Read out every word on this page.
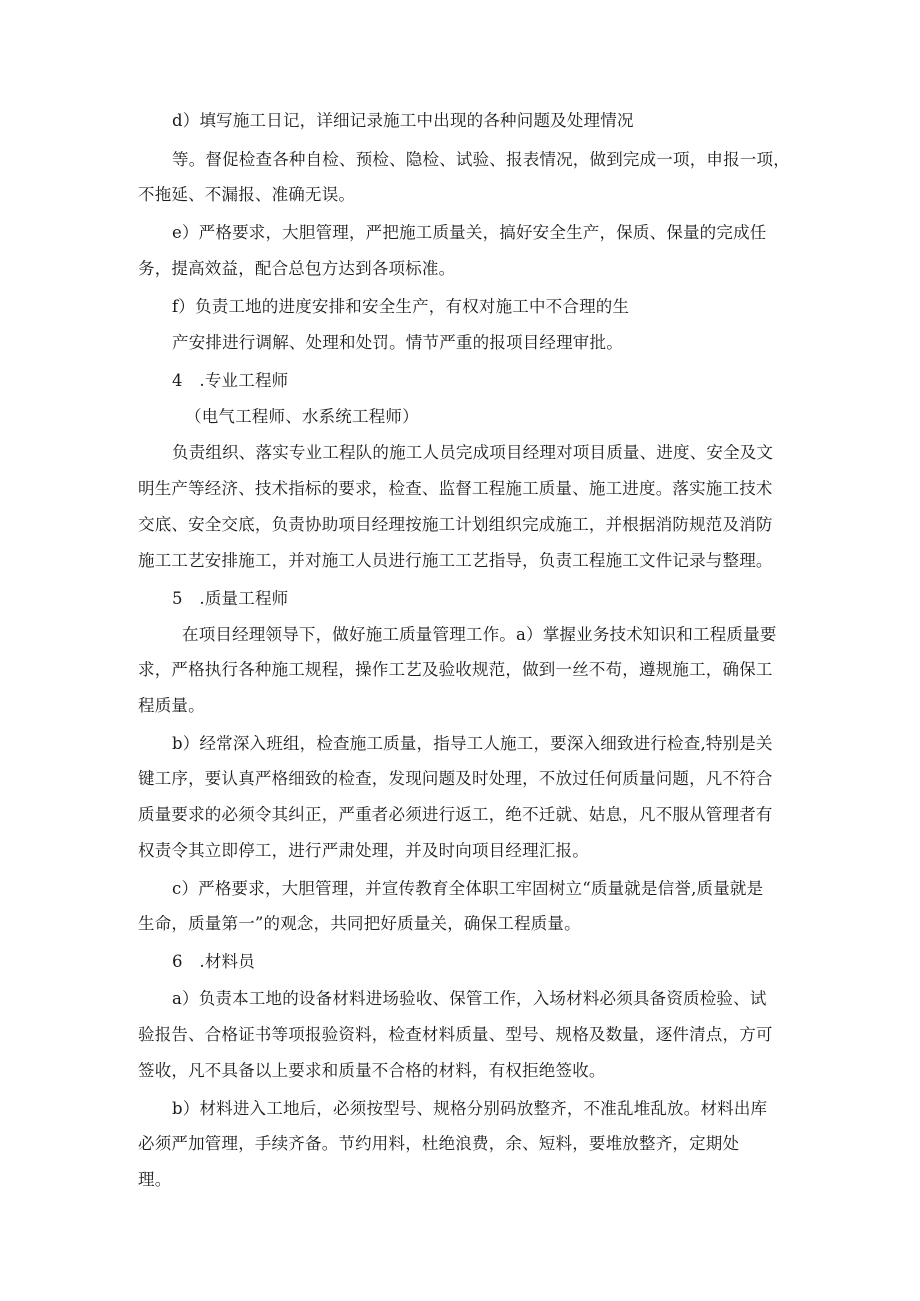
d）填写施工日记，详细记录施工中出现的各种问题及处理情况
等。督促检查各种自检、预检、隐检、试验、报表情况，做到完成一项，申报一项，
不拖延、不漏报、准确无误。
e）严格要求，大胆管理，严把施工质量关，搞好安全生产，保质、保量的完成任
务，提高效益，配合总包方达到各项标准。
f）负责工地的进度安排和安全生产，有权对施工中不合理的生
产安排进行调解、处理和处罚。情节严重的报项目经理审批。
4　.专业工程师
（电气工程师、水系统工程师）
负责组织、落实专业工程队的施工人员完成项目经理对项目质量、进度、安全及文
明生产等经济、技术指标的要求，检查、监督工程施工质量、施工进度。落实施工技术
交底、安全交底，负责协助项目经理按施工计划组织完成施工，并根据消防规范及消防
施工工艺安排施工，并对施工人员进行施工工艺指导，负责工程施工文件记录与整理。
5　.质量工程师
在项目经理领导下，做好施工质量管理工作。a）掌握业务技术知识和工程质量要
求，严格执行各种施工规程，操作工艺及验收规范，做到一丝不苟，遵规施工，确保工
程质量。
b）经常深入班组，检查施工质量，指导工人施工，要深入细致进行检查,特别是关
键工序，要认真严格细致的检查，发现问题及时处理，不放过任何质量问题，凡不符合
质量要求的必须令其纠正，严重者必须进行返工，绝不迁就、姑息，凡不服从管理者有
权责令其立即停工，进行严肃处理，并及时向项目经理汇报。
c）严格要求，大胆管理，并宣传教育全体职工牢固树立“质量就是信誉,质量就是
生命，质量第一”的观念，共同把好质量关，确保工程质量。
6　.材料员
a）负责本工地的设备材料进场验收、保管工作，入场材料必须具备资质检验、试
验报告、合格证书等项报验资料，检查材料质量、型号、规格及数量，逐件清点，方可
签收，凡不具备以上要求和质量不合格的材料，有权拒绝签收。
b）材料进入工地后，必须按型号、规格分别码放整齐，不准乱堆乱放。材料出库
必须严加管理，手续齐备。节约用料，杜绝浪费，余、短料，要堆放整齐，定期处
理。
